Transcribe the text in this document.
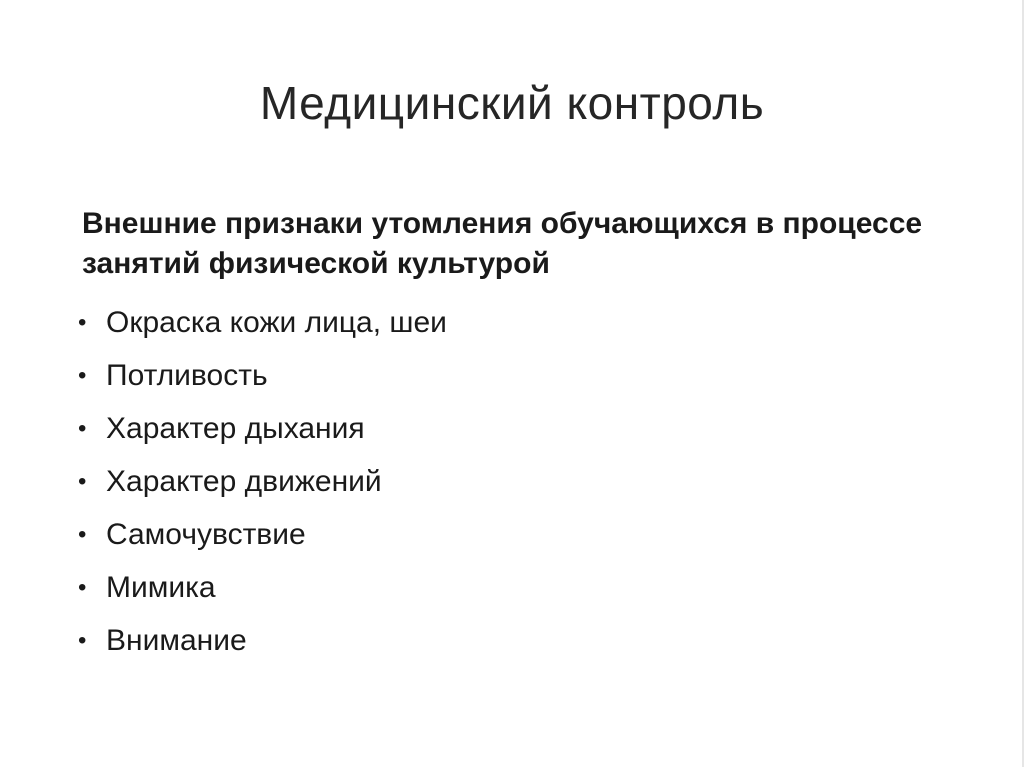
Медицинский контроль

Внешние признаки утомления обучающихся в процессе занятий физической культурой

• Окраска кожи лица, шеи
• Потливость
• Характер дыхания
• Характер движений
• Самочувствие
• Мимика
• Внимание
